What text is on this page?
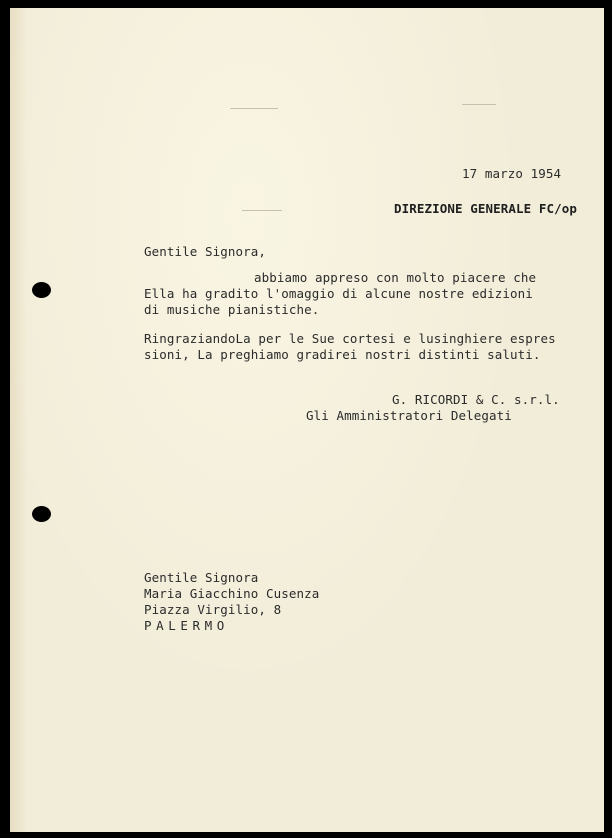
17 marzo 1954
DIREZIONE GENERALE FC/op
Gentile Signora,
abbiamo appreso con molto piacere che
Ella ha gradito l'omaggio di alcune nostre edizioni
di musiche pianistiche.
RingraziandoLa per le Sue cortesi e lusinghiere espres
sioni, La preghiamo gradirei nostri distinti saluti.
G. RICORDI & C. s.r.l.
Gli Amministratori Delegati
Gentile Signora
Maria Giacchino Cusenza
Piazza Virgilio, 8
PALERMO
